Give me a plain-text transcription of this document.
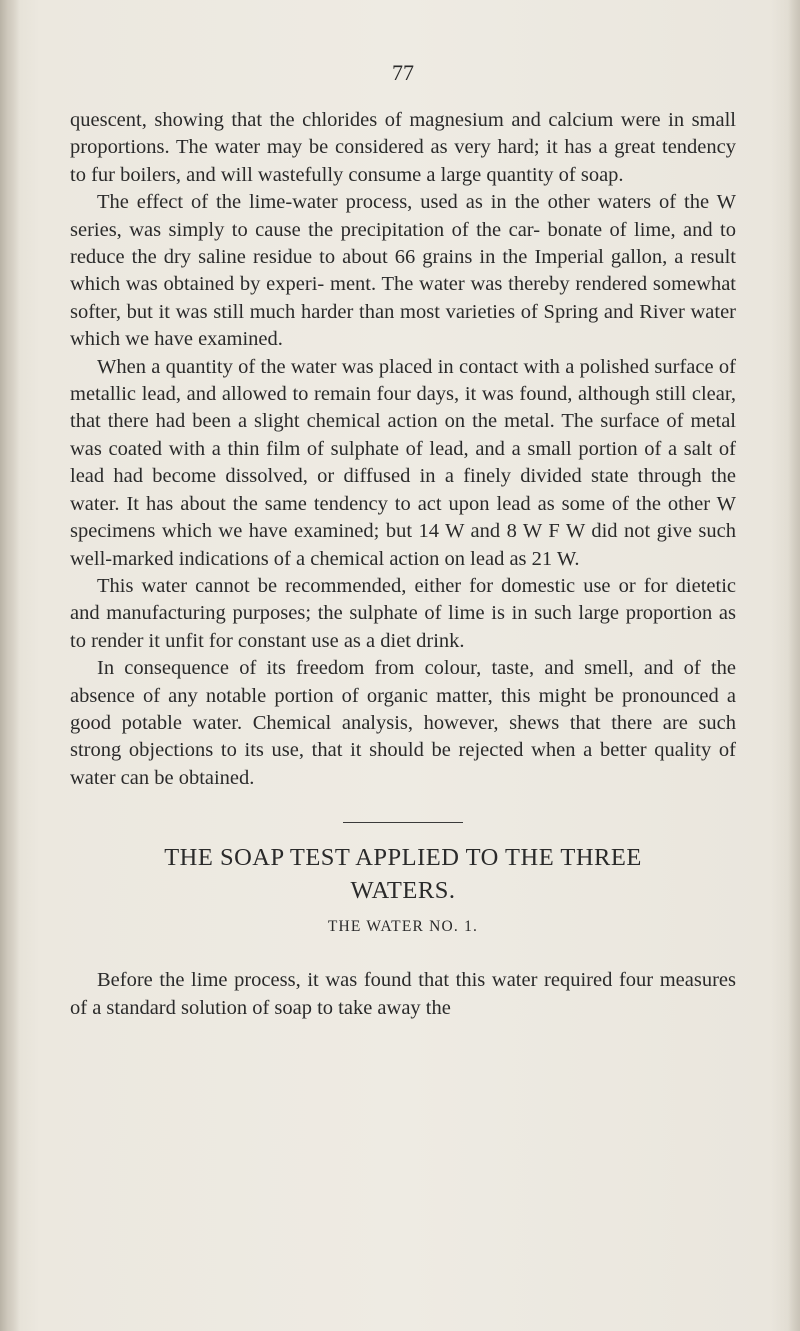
77

quescent, showing that the chlorides of magnesium and calcium were in small proportions. The water may be considered as very hard; it has a great tendency to fur boilers, and will wastefully consume a large quantity of soap.

The effect of the lime-water process, used as in the other waters of the W series, was simply to cause the precipitation of the car- bonate of lime, and to reduce the dry saline residue to about 66 grains in the Imperial gallon, a result which was obtained by experi- ment. The water was thereby rendered somewhat softer, but it was still much harder than most varieties of Spring and River water which we have examined.

When a quantity of the water was placed in contact with a polished surface of metallic lead, and allowed to remain four days, it was found, although still clear, that there had been a slight chemical action on the metal. The surface of metal was coated with a thin film of sulphate of lead, and a small portion of a salt of lead had become dissolved, or diffused in a finely divided state through the water. It has about the same tendency to act upon lead as some of the other W specimens which we have examined; but 14 W and 8 W F W did not give such well-marked indications of a chemical action on lead as 21 W.

This water cannot be recommended, either for domestic use or for dietetic and manufacturing purposes; the sulphate of lime is in such large proportion as to render it unfit for constant use as a diet drink.

In consequence of its freedom from colour, taste, and smell, and of the absence of any notable portion of organic matter, this might be pronounced a good potable water. Chemical analysis, however, shews that there are such strong objections to its use, that it should be rejected when a better quality of water can be obtained.

THE SOAP TEST APPLIED TO THE THREE
WATERS.
THE WATER NO. 1.

Before the lime process, it was found that this water required four measures of a standard solution of soap to take away the
